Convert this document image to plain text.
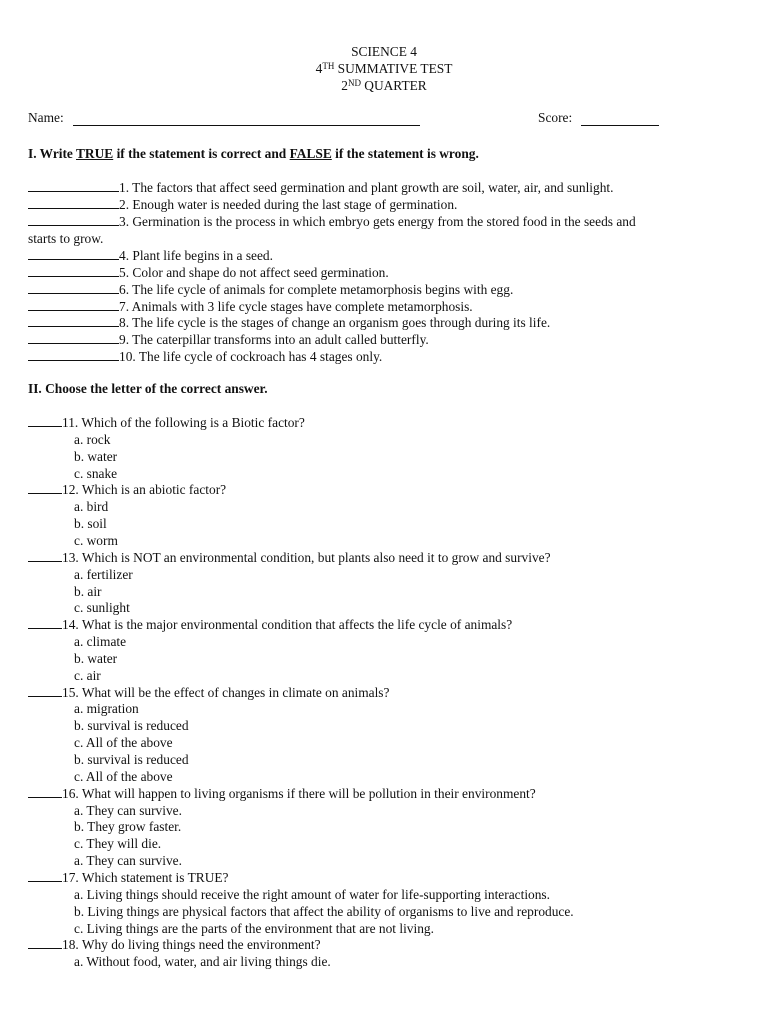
SCIENCE 4
4TH SUMMATIVE TEST
2ND QUARTER
Name:	Score:
I. Write TRUE if the statement is correct and FALSE if the statement is wrong.
1. The factors that affect seed germination and plant growth are soil, water, air, and sunlight.
2. Enough water is needed during the last stage of germination.
3. Germination is the process in which embryo gets energy from the stored food in the seeds and
starts to grow.
4. Plant life begins in a seed.
5. Color and shape do not affect seed germination.
6. The life cycle of animals for complete metamorphosis begins with egg.
7. Animals with 3 life cycle stages have complete metamorphosis.
8. The life cycle is the stages of change an organism goes through during its life.
9. The caterpillar transforms into an adult called butterfly.
10. The life cycle of cockroach has 4 stages only.
II. Choose the letter of the correct answer.
11. Which of the following is a Biotic factor?
a. rock
b. water
c. snake
12. Which is an abiotic factor?
a. bird
b. soil
c. worm
13. Which is NOT an environmental condition, but plants also need it to grow and survive?
a. fertilizer
b. air
c. sunlight
14. What is the major environmental condition that affects the life cycle of animals?
a. climate
b. water
c. air
15. What will be the effect of changes in climate on animals?
a. migration
b. survival is reduced
c. All of the above
b. survival is reduced
c. All of the above
16. What will happen to living organisms if there will be pollution in their environment?
a. They can survive.
b. They grow faster.
c. They will die.
a. They can survive.
17. Which statement is TRUE?
a. Living things should receive the right amount of water for life-supporting interactions.
b. Living things are physical factors that affect the ability of organisms to live and reproduce.
c. Living things are the parts of the environment that are not living.
18. Why do living things need the environment?
a. Without food, water, and air living things die.
